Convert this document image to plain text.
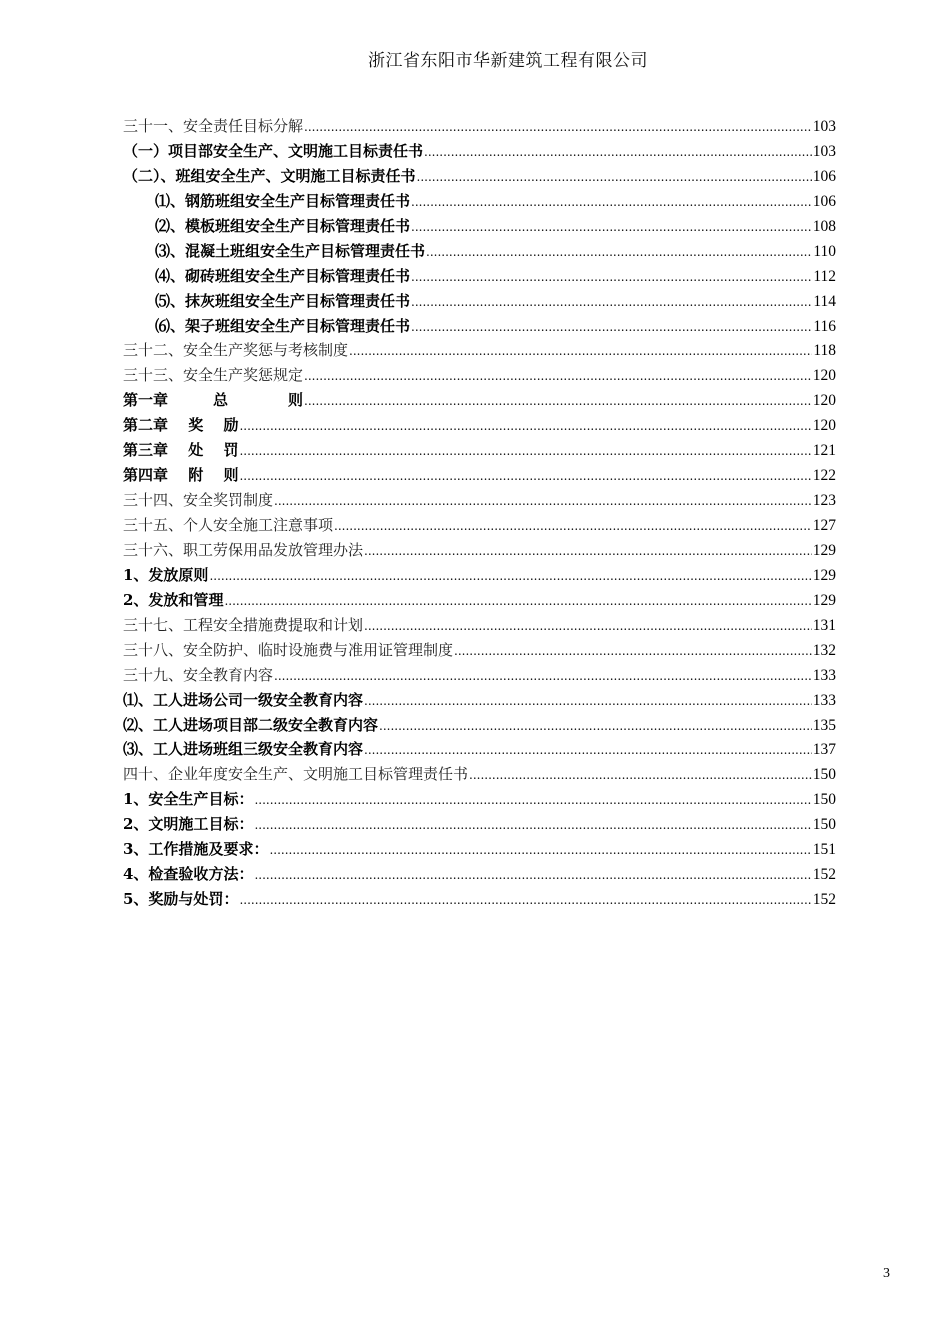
浙江省东阳市华新建筑工程有限公司
三十一、安全责任目标分解 .....	103
（一）项目部安全生产、文明施工目标责任书 .....	103
（二）、班组安全生产、文明施工目标责任书 .....	106
⑴、钢筋班组安全生产目标管理责任书 .....	106
⑵、模板班组安全生产目标管理责任书 .....	108
⑶、混凝土班组安全生产目标管理责任书 .....	110
⑷、砌砖班组安全生产目标管理责任书 .....	112
⑸、抹灰班组安全生产目标管理责任书 .....	114
⑹、架子班组安全生产目标管理责任书 .....	116
三十二、安全生产奖惩与考核制度 .....	118
三十三、安全生产奖惩规定 .....	120
第一章　　　总　　　　则 .....	120
第二章　 奖　 励 .....	120
第三章　 处　 罚 .....	121
第四章　 附　 则 .....	122
三十四、安全奖罚制度 .....	123
三十五、个人安全施工注意事项 .....	127
三十六、职工劳保用品发放管理办法 .....	129
1、发放原则 .....	129
2、发放和管理 .....	129
三十七、工程安全措施费提取和计划 .....	131
三十八、安全防护、临时设施费与准用证管理制度 .....	132
三十九、安全教育内容 .....	133
⑴、工人进场公司一级安全教育内容 .....	133
⑵、工人进场项目部二级安全教育内容 .....	135
⑶、工人进场班组三级安全教育内容 .....	137
四十、企业年度安全生产、文明施工目标管理责任书 .....	150
1、安全生产目标： .....	150
2、文明施工目标： .....	150
3、工作措施及要求： .....	151
4、检查验收方法： .....	152
5、奖励与处罚： .....	152
3
